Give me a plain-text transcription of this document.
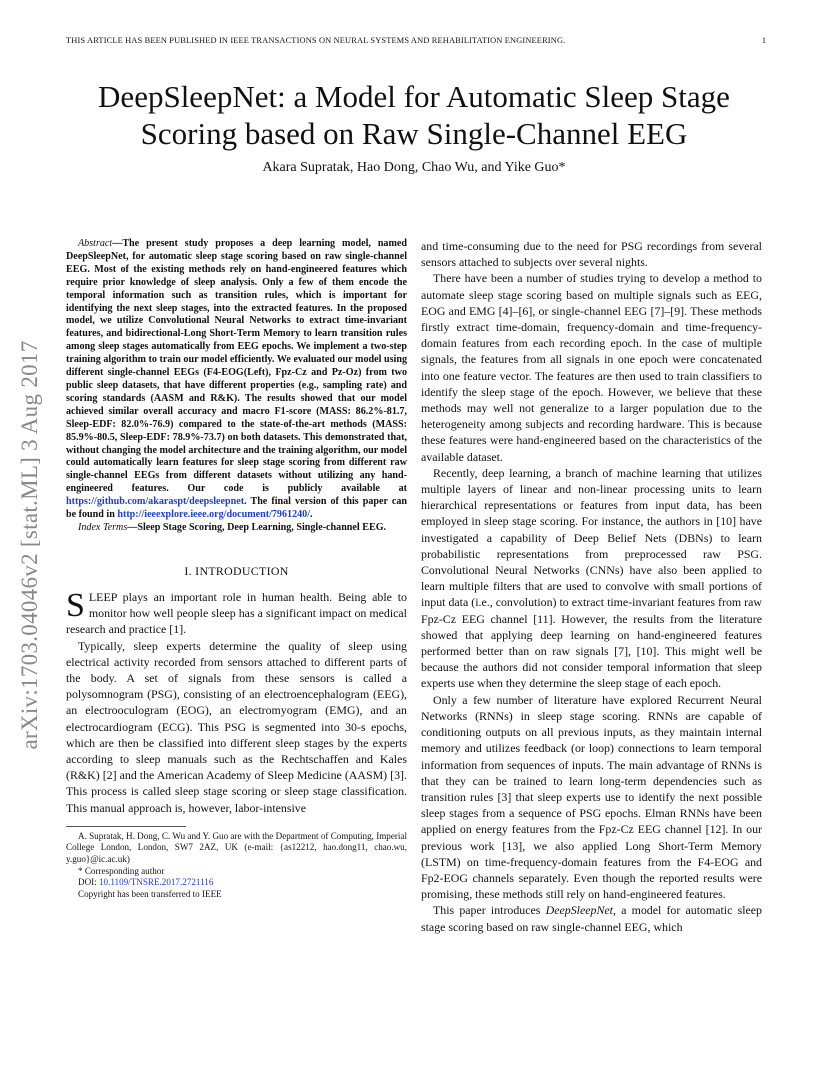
THIS ARTICLE HAS BEEN PUBLISHED IN IEEE TRANSACTIONS ON NEURAL SYSTEMS AND REHABILITATION ENGINEERING.	1
arXiv:1703.04046v2 [stat.ML] 3 Aug 2017
DeepSleepNet: a Model for Automatic Sleep Stage
Scoring based on Raw Single-Channel EEG
Akara Supratak, Hao Dong, Chao Wu, and Yike Guo*

Abstract—The present study proposes a deep learning model, named DeepSleepNet, for automatic sleep stage scoring based on raw single-channel EEG. Most of the existing methods rely on hand-engineered features which require prior knowledge of sleep analysis. Only a few of them encode the temporal information such as transition rules, which is important for identifying the next sleep stages, into the extracted features. In the proposed model, we utilize Convolutional Neural Networks to extract time-invariant features, and bidirectional-Long Short-Term Memory to learn transition rules among sleep stages automatically from EEG epochs. We implement a two-step training algorithm to train our model efficiently. We evaluated our model using different single-channel EEGs (F4-EOG(Left), Fpz-Cz and Pz-Oz) from two public sleep datasets, that have different properties (e.g., sampling rate) and scoring standards (AASM and R&K). The results showed that our model achieved similar overall accuracy and macro F1-score (MASS: 86.2%-81.7, Sleep-EDF: 82.0%-76.9) compared to the state-of-the-art methods (MASS: 85.9%-80.5, Sleep-EDF: 78.9%-73.7) on both datasets. This demonstrated that, without changing the model architecture and the training algorithm, our model could automatically learn features for sleep stage scoring from different raw single-channel EEGs from different datasets without utilizing any hand-engineered features. Our code is publicly available at https://github.com/akaraspt/deepsleepnet. The final version of this paper can be found in http://ieeexplore.ieee.org/document/7961240/.

Index Terms—Sleep Stage Scoring, Deep Learning, Single-channel EEG.

I. INTRODUCTION

SLEEP plays an important role in human health. Being able to monitor how well people sleep has a significant impact on medical research and practice [1].

Typically, sleep experts determine the quality of sleep using electrical activity recorded from sensors attached to different parts of the body. A set of signals from these sensors is called a polysomnogram (PSG), consisting of an electroencephalogram (EEG), an electrooculogram (EOG), an electromyogram (EMG), and an electrocardiogram (ECG). This PSG is segmented into 30-s epochs, which are then be classified into different sleep stages by the experts according to sleep manuals such as the Rechtschaffen and Kales (R&K) [2] and the American Academy of Sleep Medicine (AASM) [3]. This process is called sleep stage scoring or sleep stage classification. This manual approach is, however, labor-intensive

A. Supratak, H. Dong, C. Wu and Y. Guo are with the Department of Computing, Imperial College London, London, SW7 2AZ, UK (e-mail: {as12212, hao.dong11, chao.wu, y.guo}@ic.ac.uk)

* Corresponding author

DOI: 10.1109/TNSRE.2017.2721116

Copyright has been transferred to IEEE

and time-consuming due to the need for PSG recordings from several sensors attached to subjects over several nights.

There have been a number of studies trying to develop a method to automate sleep stage scoring based on multiple signals such as EEG, EOG and EMG [4]–[6], or single-channel EEG [7]–[9]. These methods firstly extract time-domain, frequency-domain and time-frequency-domain features from each recording epoch. In the case of multiple signals, the features from all signals in one epoch were concatenated into one feature vector. The features are then used to train classifiers to identify the sleep stage of the epoch. However, we believe that these methods may well not generalize to a larger population due to the heterogeneity among subjects and recording hardware. This is because these features were hand-engineered based on the characteristics of the available dataset.

Recently, deep learning, a branch of machine learning that utilizes multiple layers of linear and non-linear processing units to learn hierarchical representations or features from input data, has been employed in sleep stage scoring. For instance, the authors in [10] have investigated a capability of Deep Belief Nets (DBNs) to learn probabilistic representations from preprocessed raw PSG. Convolutional Neural Networks (CNNs) have also been applied to learn multiple filters that are used to convolve with small portions of input data (i.e., convolution) to extract time-invariant features from raw Fpz-Cz EEG channel [11]. However, the results from the literature showed that applying deep learning on hand-engineered features performed better than on raw signals [7], [10]. This might well be because the authors did not consider temporal information that sleep experts use when they determine the sleep stage of each epoch.

Only a few number of literature have explored Recurrent Neural Networks (RNNs) in sleep stage scoring. RNNs are capable of conditioning outputs on all previous inputs, as they maintain internal memory and utilizes feedback (or loop) connections to learn temporal information from sequences of inputs. The main advantage of RNNs is that they can be trained to learn long-term dependencies such as transition rules [3] that sleep experts use to identify the next possible sleep stages from a sequence of PSG epochs. Elman RNNs have been applied on energy features from the Fpz-Cz EEG channel [12]. In our previous work [13], we also applied Long Short-Term Memory (LSTM) on time-frequency-domain features from the F4-EOG and Fp2-EOG channels separately. Even though the reported results were promising, these methods still rely on hand-engineered features.

This paper introduces DeepSleepNet, a model for automatic sleep stage scoring based on raw single-channel EEG, which
